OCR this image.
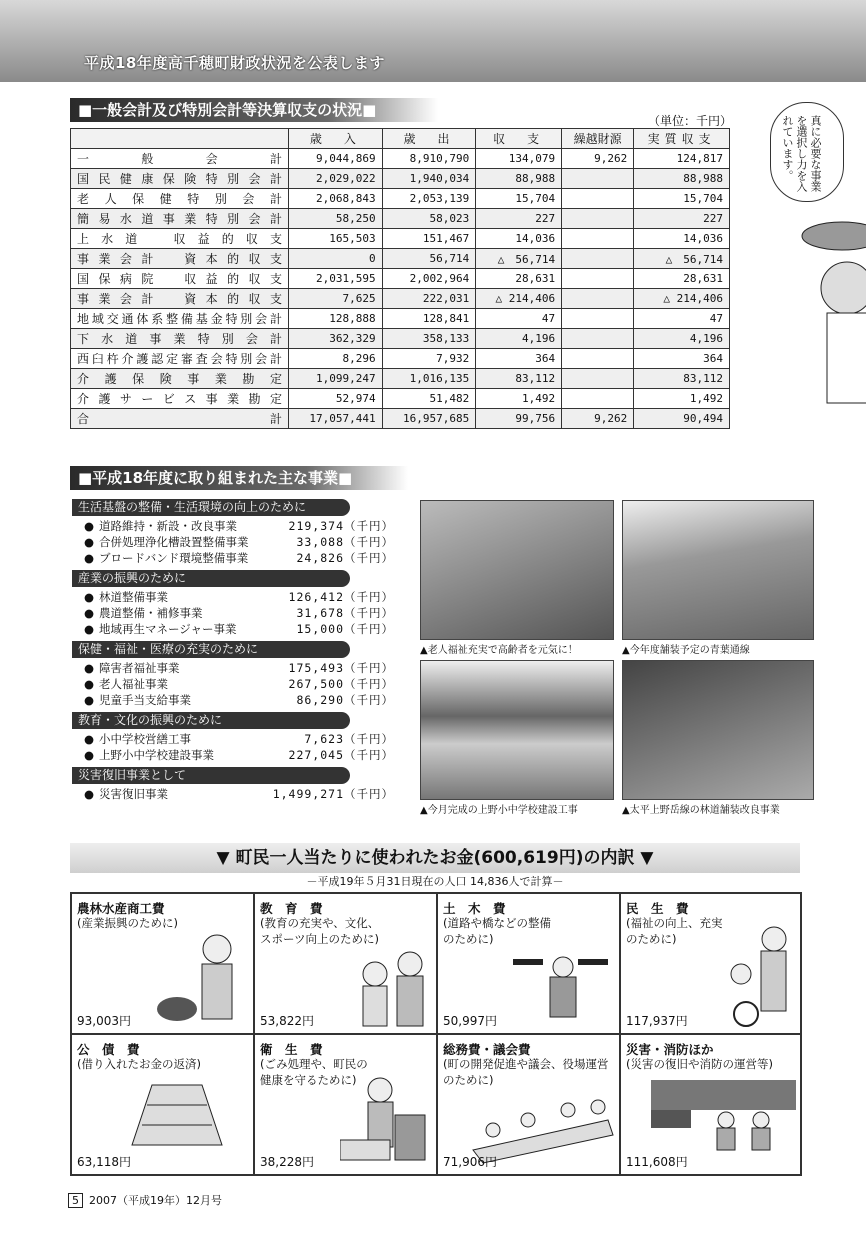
平成18年度高千穂町財政状況を公表します
■一般会計及び特別会計等決算収支の状況■
（単位：千円）	真に必要な事業を選択し力を入れています。
	歳　入	歳　出	収　支	繰越財源	実質収支
一　般　会　計	9,044,869	8,910,790	134,079	9,262	124,817
国民健康保険特別会計	2,029,022	1,940,034	88,988		88,988
老人保健特別会計	2,068,843	2,053,139	15,704		15,704
簡易水道事業特別会計	58,250	58,023	227		227
上水道　収益的収支	165,503	151,467	14,036		14,036
事業会計　資本的収支	0	56,714	△　56,714		△　56,714
国保病院　収益的収支	2,031,595	2,002,964	28,631		28,631
事業会計　資本的収支	7,625	222,031	△ 214,406		△ 214,406
地域交通体系整備基金特別会計	128,888	128,841	47		47
下水道事業特別会計	362,329	358,133	4,196		4,196
西臼杵介護認定審査会特別会計	8,296	7,932	364		364
介護保険事業勘定	1,099,247	1,016,135	83,112		83,112
介護サービス事業勘定	52,974	51,482	1,492		1,492
合　　計	17,057,441	16,957,685	99,756	9,262	90,494
■平成18年度に取り組まれた主な事業■
生活基盤の整備・生活環境の向上のために
● 道路維持・新設・改良事業	219,374（千円）
● 合併処理浄化槽設置整備事業	33,088（千円）
● ブロードバンド環境整備事業	24,826（千円）
産業の振興のために
● 林道整備事業	126,412（千円）
● 農道整備・補修事業	31,678（千円）
● 地域再生マネージャー事業	15,000（千円）
保健・福祉・医療の充実のために
● 障害者福祉事業	175,493（千円）
● 老人福祉事業	267,500（千円）
● 児童手当支給事業	86,290（千円）
教育・文化の振興のために
● 小中学校営繕工事	7,623（千円）
● 上野小中学校建設事業	227,045（千円）
災害復旧事業として
● 災害復旧事業	1,499,271（千円）
▲老人福祉充実で高齢者を元気に！	▲今年度舗装予定の青葉通線
▲今月完成の上野小中学校建設工事	▲太平上野岳線の林道舗装改良事業
▼ 町民一人当たりに使われたお金(600,619円)の内訳 ▼
－平成19年５月31日現在の人口 14,836人で計算－
農林水産商工費
(産業振興のために)
93,003円
教　育　費
(教育の充実や、文化、
スポーツ向上のために)
53,822円
土　木　費
(道路や橋などの整備
のために)
50,997円
民　生　費
(福祉の向上、充実
のために)
117,937円
公　債　費
(借り入れたお金の返済)
63,118円
衛　生　費
(ごみ処理や、町民の
健康を守るために)
38,228円
総務費・議会費
(町の開発促進や議会、役場運営
のために)
71,906円
災害・消防ほか
(災害の復旧や消防の運営等)
111,608円
5 2007（平成19年）12月号
